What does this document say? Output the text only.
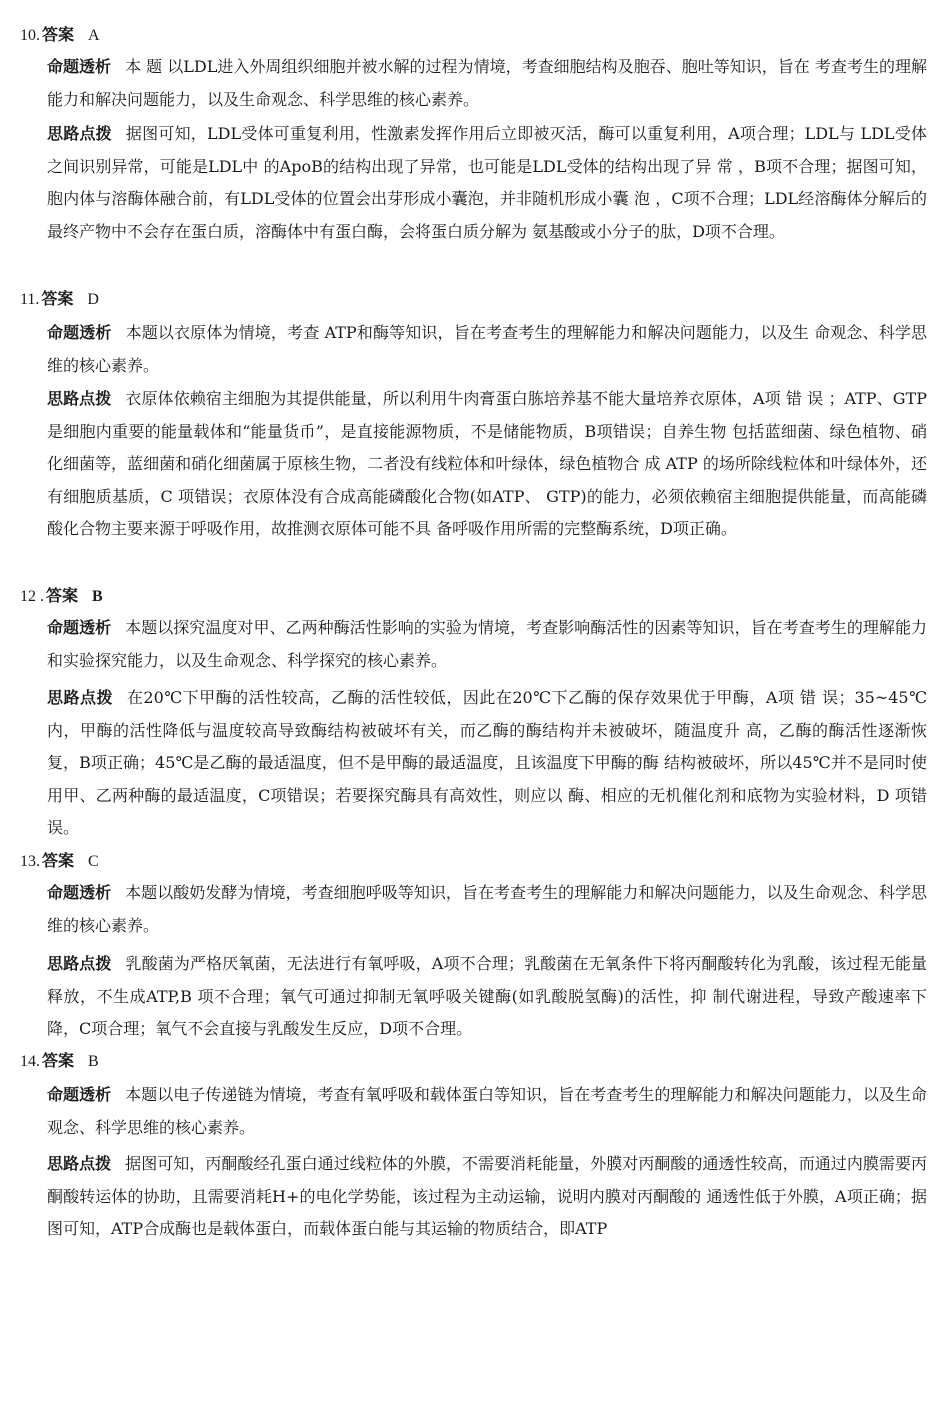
10. 答案 A
命题透析 本 题 以LDL进入外周组织细胞并被水解的过程为情境，考查细胞结构及胞吞、胞吐等知识，旨在 考查考生的理解能力和解决问题能力，以及生命观念、科学思维的核心素养。
思路点拨 据图可知，LDL受体可重复利用，性激素发挥作用后立即被灭活，酶可以重复利用，A项合理；LDL与 LDL受体之间识别异常，可能是LDL中 的ApoB的结构出现了异常，也可能是LDL受体的结构出现了异 常 ，B项不合理；据图可知，胞内体与溶酶体融合前，有LDL受体的位置会出芽形成小囊泡，并非随机形成小囊 泡 ，C项不合理；LDL经溶酶体分解后的最终产物中不会存在蛋白质，溶酶体中有蛋白酶，会将蛋白质分解为 氨基酸或小分子的肽，D项不合理。
11. 答案 D
命题透析 本题以衣原体为情境，考查 ATP和酶等知识，旨在考查考生的理解能力和解决问题能力，以及生 命观念、科学思维的核心素养。
思路点拨 衣原体依赖宿主细胞为其提供能量，所以利用牛肉膏蛋白胨培养基不能大量培养衣原体，A项 错 误 ；ATP、GTP是细胞内重要的能量载体和“能量货币”，是直接能源物质，不是储能物质，B项错误；自养生物 包括蓝细菌、绿色植物、硝化细菌等，蓝细菌和硝化细菌属于原核生物，二者没有线粒体和叶绿体，绿色植物合 成 ATP 的场所除线粒体和叶绿体外，还有细胞质基质，C 项错误；衣原体没有合成高能磷酸化合物(如ATP、 GTP)的能力，必须依赖宿主细胞提供能量，而高能磷酸化合物主要来源于呼吸作用，故推测衣原体可能不具 备呼吸作用所需的完整酶系统，D项正确。
12 . 答案 B
命题透析 本题以探究温度对甲、乙两种酶活性影响的实验为情境，考查影响酶活性的因素等知识，旨在考查考生的理解能力和实验探究能力，以及生命观念、科学探究的核心素养。
思路点拨 在20℃下甲酶的活性较高，乙酶的活性较低，因此在20℃下乙酶的保存效果优于甲酶，A项 错 误；35~45℃内，甲酶的活性降低与温度较高导致酶结构被破坏有关，而乙酶的酶结构并未被破坏，随温度升 高，乙酶的酶活性逐渐恢复，B项正确；45℃是乙酶的最适温度，但不是甲酶的最适温度，且该温度下甲酶的酶 结构被破坏，所以45℃并不是同时使用甲、乙两种酶的最适温度，C项错误；若要探究酶具有高效性，则应以 酶、相应的无机催化剂和底物为实验材料，D 项错误。
13. 答案 C
命题透析 本题以酸奶发酵为情境，考查细胞呼吸等知识，旨在考查考生的理解能力和解决问题能力，以及生命观念、科学思维的核心素养。
思路点拨 乳酸菌为严格厌氧菌，无法进行有氧呼吸，A项不合理；乳酸菌在无氧条件下将丙酮酸转化为乳酸，该过程无能量释放，不生成ATP,B 项不合理；氧气可通过抑制无氧呼吸关键酶(如乳酸脱氢酶)的活性，抑 制代谢进程，导致产酸速率下降，C项合理；氧气不会直接与乳酸发生反应，D项不合理。
14. 答案 B
命题透析 本题以电子传递链为情境，考查有氧呼吸和载体蛋白等知识，旨在考查考生的理解能力和解决问题能力，以及生命观念、科学思维的核心素养。
思路点拨 据图可知，丙酮酸经孔蛋白通过线粒体的外膜，不需要消耗能量，外膜对丙酮酸的通透性较高，而通过内膜需要丙酮酸转运体的协助，且需要消耗H+的电化学势能，该过程为主动运输，说明内膜对丙酮酸的 通透性低于外膜，A项正确；据图可知，ATP合成酶也是载体蛋白，而载体蛋白能与其运输的物质结合，即ATP
